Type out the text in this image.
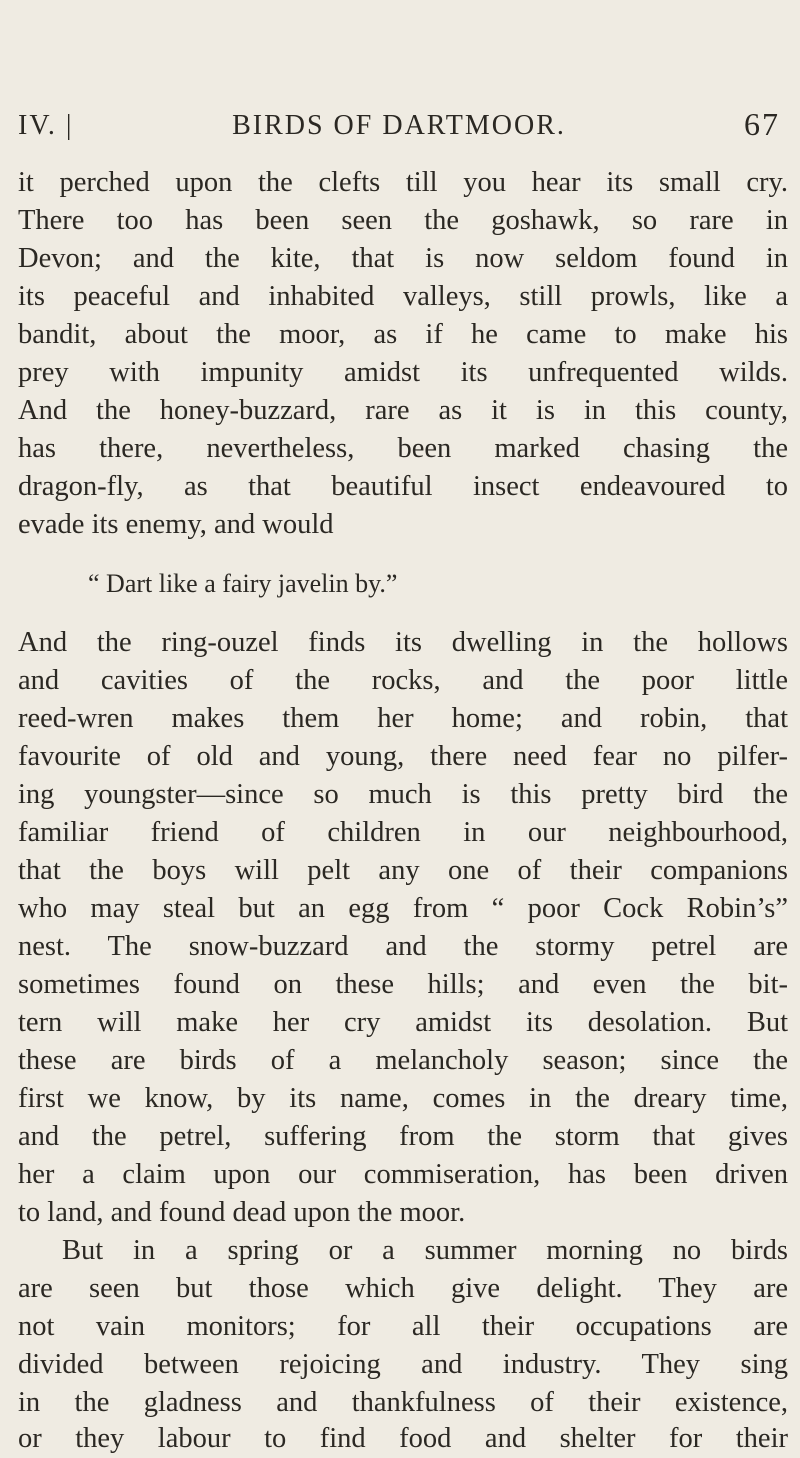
IV. |	BIRDS OF DARTMOOR.	67
it perched upon the clefts till you hear its small cry.
There too has been seen the goshawk, so rare in
Devon; and the kite, that is now seldom found in
its peaceful and inhabited valleys, still prowls, like a
bandit, about the moor, as if he came to make his
prey with impunity amidst its unfrequented wilds.
And the honey-buzzard, rare as it is in this county,
has there, nevertheless, been marked chasing the
dragon-fly, as that beautiful insect endeavoured to
evade its enemy, and would
“ Dart like a fairy javelin by.”
And the ring-ouzel finds its dwelling in the hollows
and cavities of the rocks, and the poor little
reed-wren makes them her home; and robin, that
favourite of old and young, there need fear no pilfer-
ing youngster—since so much is this pretty bird the
familiar friend of children in our neighbourhood,
that the boys will pelt any one of their companions
who may steal but an egg from “ poor Cock Robin’s”
nest. The snow-buzzard and the stormy petrel are
sometimes found on these hills; and even the bit-
tern will make her cry amidst its desolation. But
these are birds of a melancholy season; since the
first we know, by its name, comes in the dreary time,
and the petrel, suffering from the storm that gives
her a claim upon our commiseration, has been driven
to land, and found dead upon the moor.
But in a spring or a summer morning no birds
are seen but those which give delight. They are
not vain monitors; for all their occupations are
divided between rejoicing and industry. They sing
in the gladness and thankfulness of their existence,
or they labour to find food and shelter for their
